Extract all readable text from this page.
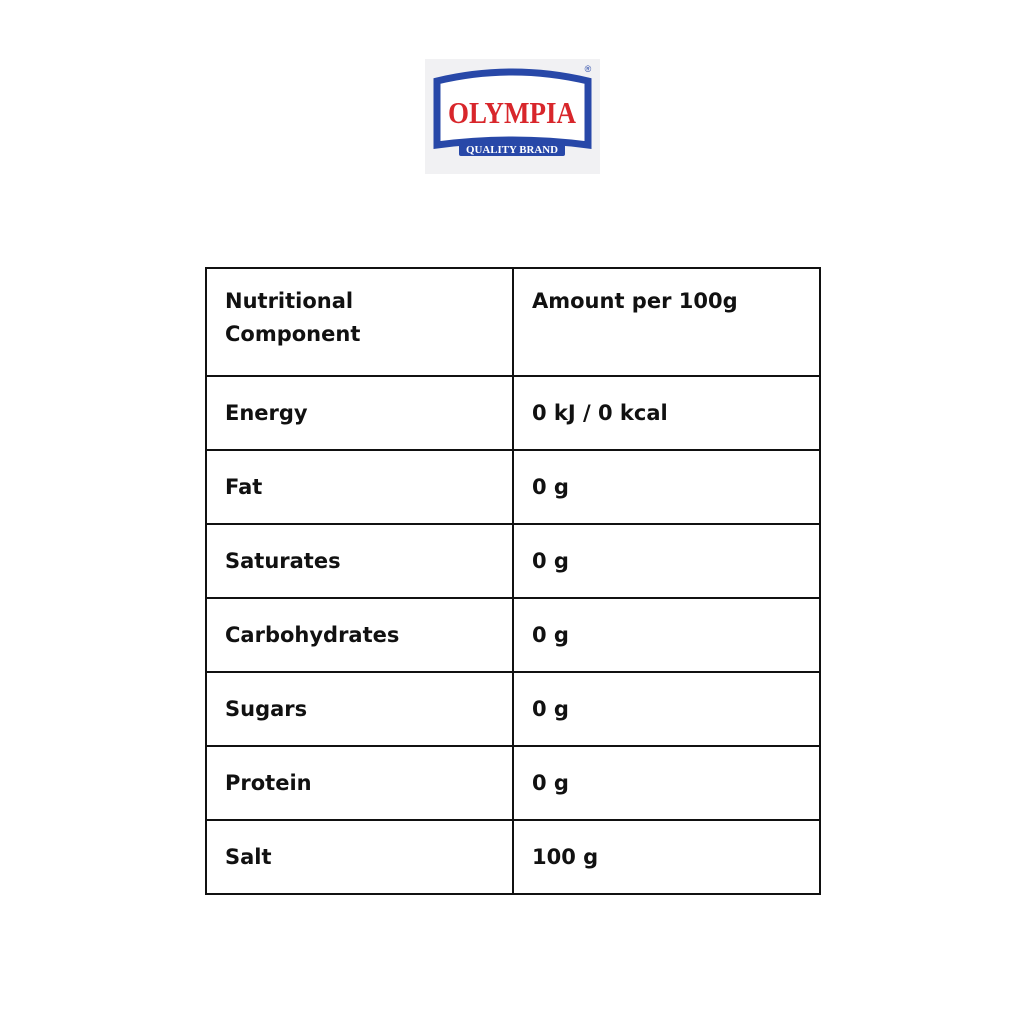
OLYMPIA
QUALITY BRAND
®
Nutritional Component	Amount per 100g
Energy	0 kJ / 0 kcal
Fat	0 g
Saturates	0 g
Carbohydrates	0 g
Sugars	0 g
Protein	0 g
Salt	100 g
